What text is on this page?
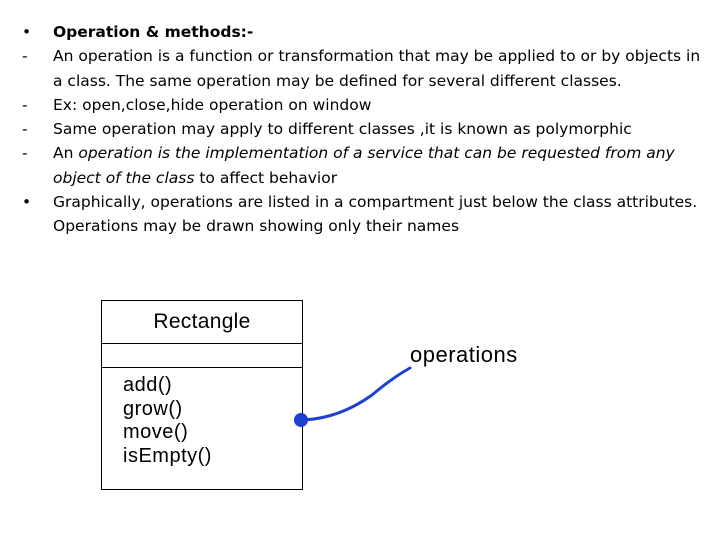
•	Operation & methods:-
-	An operation is a function or transformation that may be applied to or by objects in a class. The same operation may be defined for several different classes.
-	Ex: open,close,hide operation on window
-	Same operation may apply to different classes ,it is known as polymorphic
-	An operation is the implementation of a service that can be requested from any object of the class to affect behavior
•	Graphically, operations are listed in a compartment just below the class attributes. Operations may be drawn showing only their names
Rectangle
add()
grow()
move()
isEmpty()
operations
